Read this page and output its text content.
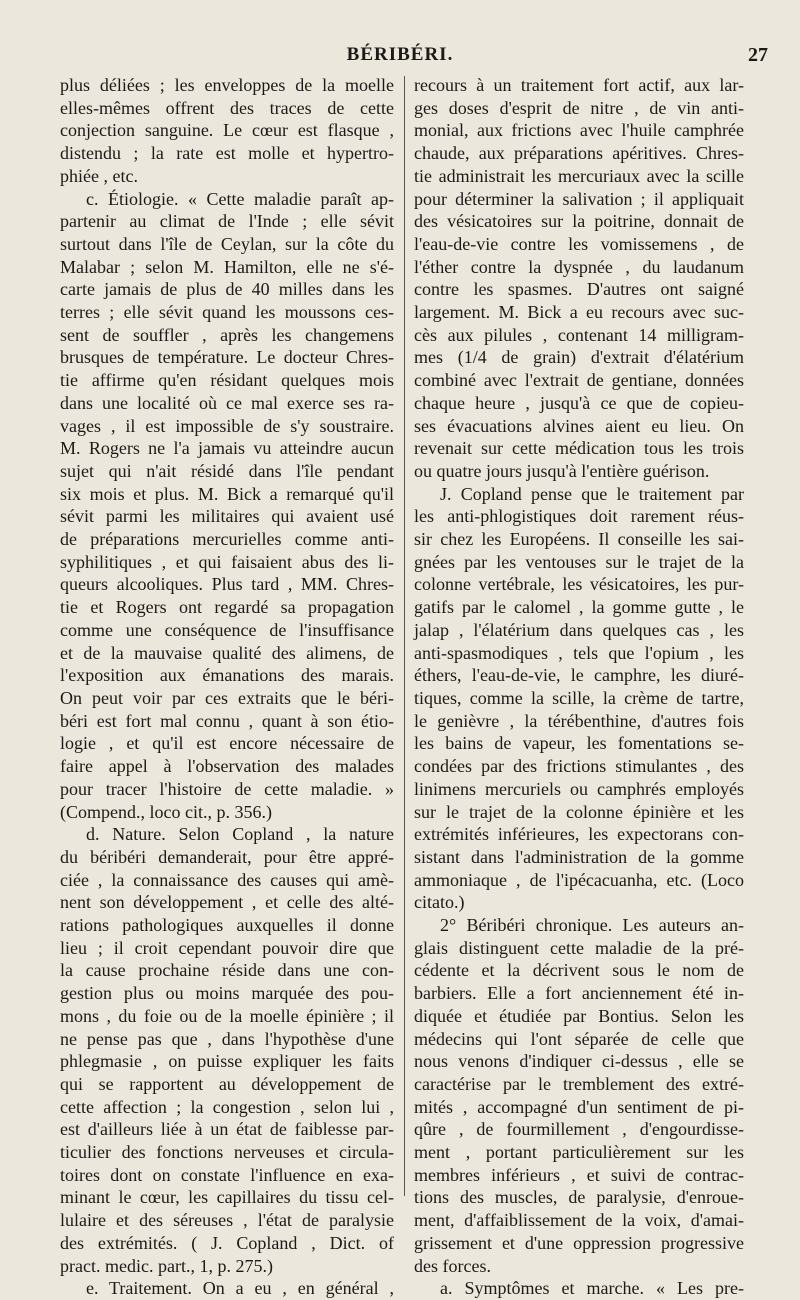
BÉRIBÉRI.	27
plus déliées ; les enveloppes de la moelle
elles-mêmes offrent des traces de cette
conjection sanguine. Le cœur est flasque ,
distendu ; la rate est molle et hypertro-
phiée , etc.
c. Étiologie. « Cette maladie paraît ap-
partenir au climat de l'Inde ; elle sévit
surtout dans l'île de Ceylan, sur la côte du
Malabar ; selon M. Hamilton, elle ne s'é-
carte jamais de plus de 40 milles dans les
terres ; elle sévit quand les moussons ces-
sent de souffler , après les changemens
brusques de température. Le docteur Chres-
tie affirme qu'en résidant quelques mois
dans une localité où ce mal exerce ses ra-
vages , il est impossible de s'y soustraire.
M. Rogers ne l'a jamais vu atteindre aucun
sujet qui n'ait résidé dans l'île pendant
six mois et plus. M. Bick a remarqué qu'il
sévit parmi les militaires qui avaient usé
de préparations mercurielles comme anti-
syphilitiques , et qui faisaient abus des li-
queurs alcooliques. Plus tard , MM. Chres-
tie et Rogers ont regardé sa propagation
comme une conséquence de l'insuffisance
et de la mauvaise qualité des alimens, de
l'exposition aux émanations des marais.
On peut voir par ces extraits que le béri-
béri est fort mal connu , quant à son étio-
logie , et qu'il est encore nécessaire de
faire appel à l'observation des malades
pour tracer l'histoire de cette maladie. »
(Compend., loco cit., p. 356.)
d. Nature. Selon Copland , la nature
du béribéri demanderait, pour être appré-
ciée , la connaissance des causes qui amè-
nent son développement , et celle des alté-
rations pathologiques auxquelles il donne
lieu ; il croit cependant pouvoir dire que
la cause prochaine réside dans une con-
gestion plus ou moins marquée des pou-
mons , du foie ou de la moelle épinière ; il
ne pense pas que , dans l'hypothèse d'une
phlegmasie , on puisse expliquer les faits
qui se rapportent au développement de
cette affection ; la congestion , selon lui ,
est d'ailleurs liée à un état de faiblesse par-
ticulier des fonctions nerveuses et circula-
toires dont on constate l'influence en exa-
minant le cœur, les capillaires du tissu cel-
lulaire et des séreuses , l'état de paralysie
des extrémités. ( J. Copland , Dict. of
pract. medic. part., 1, p. 275.)
e. Traitement. On a eu , en général ,
recours à un traitement fort actif, aux lar-
ges doses d'esprit de nitre , de vin anti-
monial, aux frictions avec l'huile camphrée
chaude, aux préparations apéritives. Chres-
tie administrait les mercuriaux avec la scille
pour déterminer la salivation ; il appliquait
des vésicatoires sur la poitrine, donnait de
l'eau-de-vie contre les vomissemens , de
l'éther contre la dyspnée , du laudanum
contre les spasmes. D'autres ont saigné
largement. M. Bick a eu recours avec suc-
cès aux pilules , contenant 14 milligram-
mes (1/4 de grain) d'extrait d'élatérium
combiné avec l'extrait de gentiane, données
chaque heure , jusqu'à ce que de copieu-
ses évacuations alvines aient eu lieu. On
revenait sur cette médication tous les trois
ou quatre jours jusqu'à l'entière guérison.
J. Copland pense que le traitement par
les anti-phlogistiques doit rarement réus-
sir chez les Européens. Il conseille les sai-
gnées par les ventouses sur le trajet de la
colonne vertébrale, les vésicatoires, les pur-
gatifs par le calomel , la gomme gutte , le
jalap , l'élatérium dans quelques cas , les
anti-spasmodiques , tels que l'opium , les
éthers, l'eau-de-vie, le camphre, les diuré-
tiques, comme la scille, la crème de tartre,
le genièvre , la térébenthine, d'autres fois
les bains de vapeur, les fomentations se-
condées par des frictions stimulantes , des
linimens mercuriels ou camphrés employés
sur le trajet de la colonne épinière et les
extrémités inférieures, les expectorans con-
sistant dans l'administration de la gomme
ammoniaque , de l'ipécacuanha, etc. (Loco
citato.)
2° Béribéri chronique. Les auteurs an-
glais distinguent cette maladie de la pré-
cédente et la décrivent sous le nom de
barbiers. Elle a fort anciennement été in-
diquée et étudiée par Bontius. Selon les
médecins qui l'ont séparée de celle que
nous venons d'indiquer ci-dessus , elle se
caractérise par le tremblement des extré-
mités , accompagné d'un sentiment de pi-
qûre , de fourmillement , d'engourdisse-
ment , portant particulièrement sur les
membres inférieurs , et suivi de contrac-
tions des muscles, de paralysie, d'enroue-
ment, d'affaiblissement de la voix, d'amai-
grissement et d'une oppression progressive
des forces.
a. Symptômes et marche. « Les pre-
